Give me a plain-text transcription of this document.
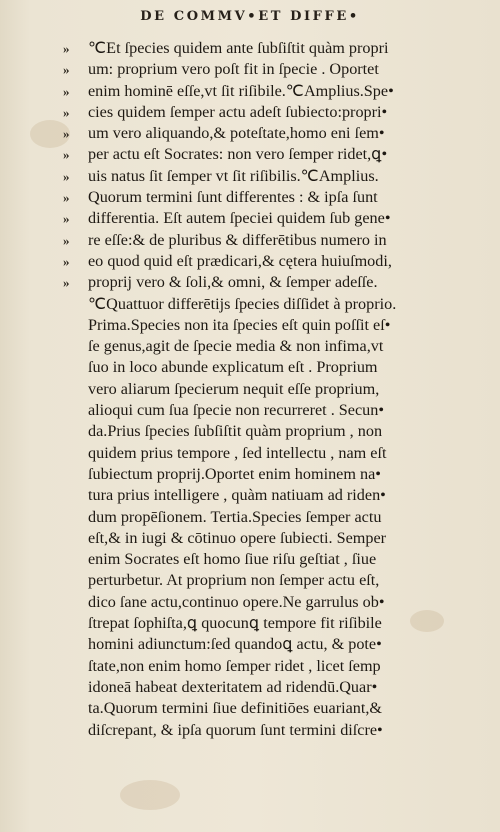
DE COMMV•ET DIFFE•
» ℃Et ſpecies quidem ante ſubſiſtit quàm propri
» um: proprium vero poſt fit in ſpecie . Oportet
» enim hominē eſſe,vt ſit riſibile.℃Amplius.Spe•
» cies quidem ſemper actu adeſt ſubiecto:propri•
» um vero aliquando,& poteſtate,homo eni ſem•
» per actu eſt Socrates: non vero ſemper ridet,ꝗ•
» uis natus ſit ſemper vt ſit riſibilis.℃Amplius.
» Quorum termini ſunt differentes : & ipſa ſunt
» differentia. Eſt autem ſpeciei quidem ſub gene•
» re eſſe:& de pluribus & differētibus numero in
» eo quod quid eſt prædicari,& cętera huiuſmodi,
» proprij vero & ſoli,& omni, & ſemper adeſſe.
℃Quattuor differētijs ſpecies diſſidet à proprio.
Prima.Species non ita ſpecies eſt quin poſſit eſ•
ſe genus,agit de ſpecie media & non infima,vt
ſuo in loco abunde explicatum eſt . Proprium
vero aliarum ſpecierum nequit eſſe proprium,
alioqui cum ſua ſpecie non recurreret . Secun•
da.Prius ſpecies ſubſiſtit quàm proprium , non
quidem prius tempore , ſed intellectu , nam eſt
ſubiectum proprij.Oportet enim hominem na•
tura prius intelligere , quàm natiuam ad riden•
dum propēſionem. Tertia.Species ſemper actu
eſt,& in iugi & cōtinuo opere ſubiecti. Semper
enim Socrates eſt homo ſiue riſu geſtiat , ſiue
perturbetur. At proprium non ſemper actu eſt,
dico ſane actu,continuo opere.Ne garrulus ob•
ſtrepat ſophiſta,ꝗ quocunꝗ tempore fit riſibile
homini adiunctum:ſed quandoꝗ actu, & pote•
ſtate,non enim homo ſemper ridet , licet ſemp
idoneā habeat dexteritatem ad ridendū.Quar•
ta.Quorum termini ſiue definitiōes euariant,&
diſcrepant, & ipſa quorum ſunt termini diſcre•
